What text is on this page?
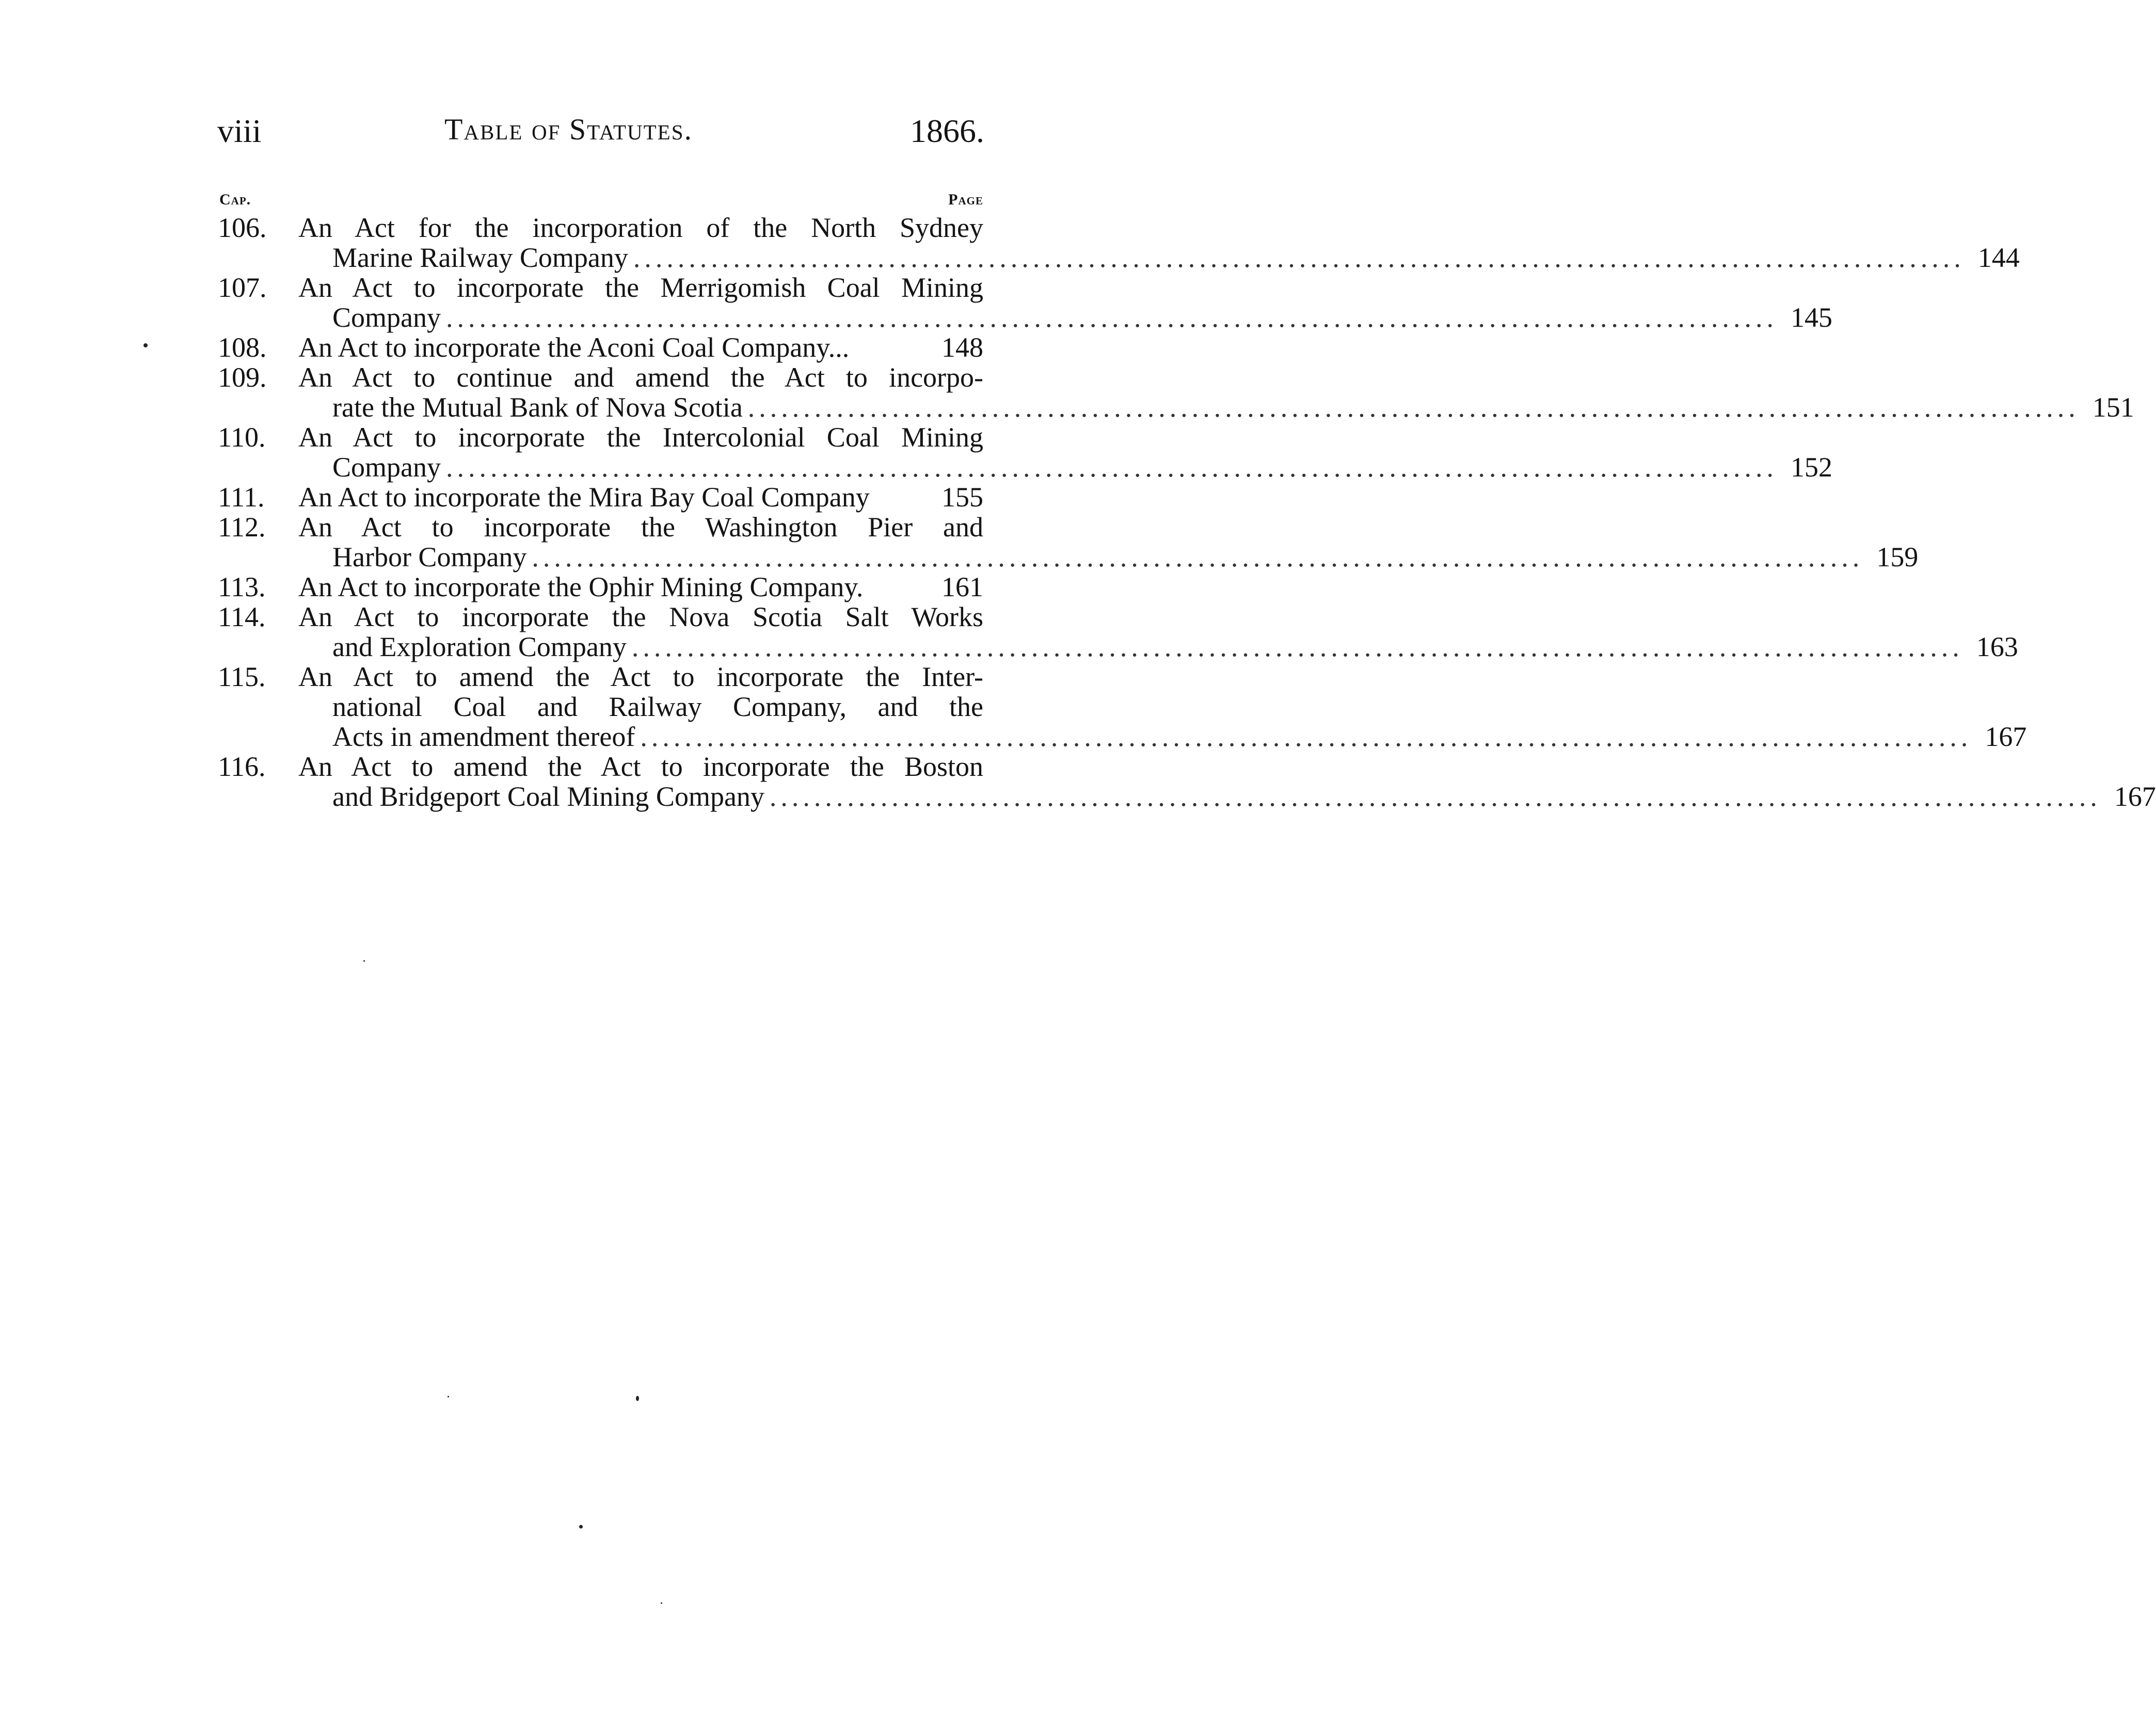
viii	Table of Statutes.	1866.
Cap.	Page
106. An Act for the incorporation of the North Sydney
Marine Railway Company ........................................................................................................................ 144
107. An Act to incorporate the Merrigomish Coal Mining
Company ........................................................................................................................ 145
108. An Act to incorporate the Aconi Coal Company...	148
109. An Act to continue and amend the Act to incorpo-
rate the Mutual Bank of Nova Scotia ........................................................................................................................ 151
110. An Act to incorporate the Intercolonial Coal Mining
Company ........................................................................................................................ 152
111. An Act to incorporate the Mira Bay Coal Company	155
112. An Act to incorporate the Washington Pier and
Harbor Company ........................................................................................................................ 159
113. An Act to incorporate the Ophir Mining Company.	161
114. An Act to incorporate the Nova Scotia Salt Works
and Exploration Company ........................................................................................................................ 163
115. An Act to amend the Act to incorporate the Inter-
national Coal and Railway Company, and the
Acts in amendment thereof ........................................................................................................................ 167
116. An Act to amend the Act to incorporate the Boston
and Bridgeport Coal Mining Company ........................................................................................................................ 167
